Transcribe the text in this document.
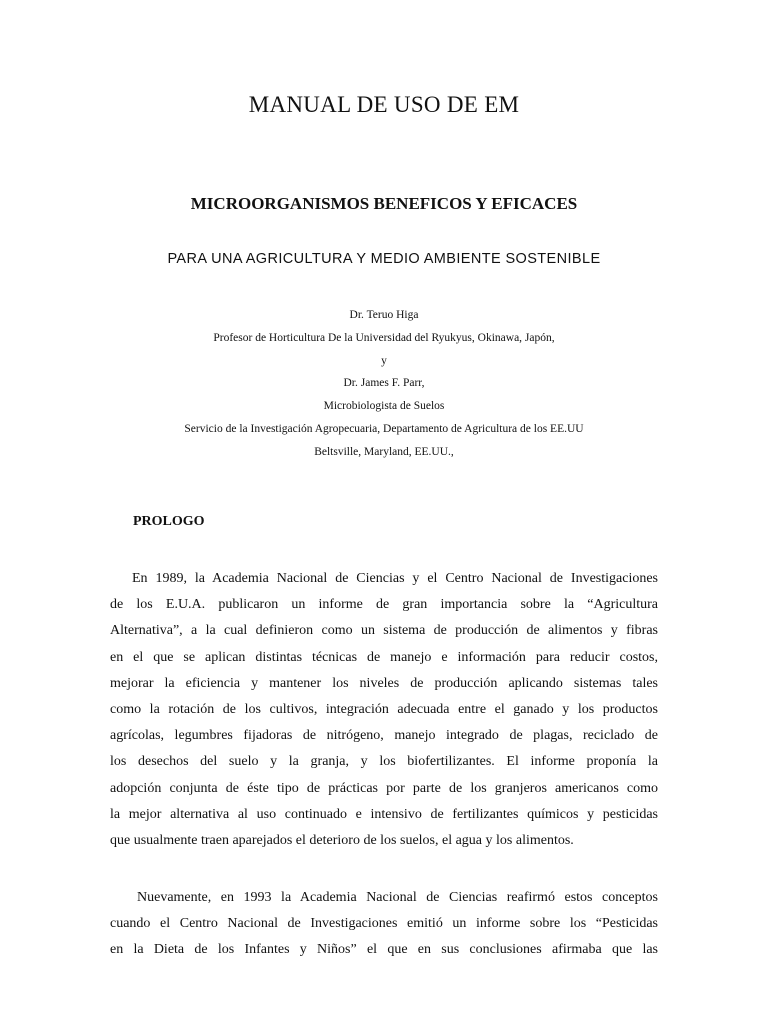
MANUAL DE USO DE EM
MICROORGANISMOS BENEFICOS Y EFICACES

PARA UNA AGRICULTURA Y MEDIO AMBIENTE SOSTENIBLE

Dr. Teruo Higa
Profesor de Horticultura De la Universidad del Ryukyus, Okinawa, Japón,
y
Dr. James F. Parr,
Microbiologista de Suelos
Servicio de la Investigación Agropecuaria, Departamento de Agricultura de los EE.UU
Beltsville, Maryland, EE.UU.,
PROLOGO
En 1989, la Academia Nacional de Ciencias y el Centro Nacional de Investigaciones
de los E.U.A. publicaron un informe de gran importancia sobre la “Agricultura
Alternativa”, a la cual definieron como un sistema de producción de alimentos y fibras
en el que se aplican distintas técnicas de manejo e información para reducir costos,
mejorar la eficiencia y mantener los niveles de producción aplicando sistemas tales
como la rotación de los cultivos, integración adecuada entre el ganado y los productos
agrícolas, legumbres fijadoras de nitrógeno, manejo integrado de plagas, reciclado de
los desechos del suelo y la granja, y los biofertilizantes. El informe proponía la
adopción conjunta de éste tipo de prácticas por parte de los granjeros americanos como
la mejor alternativa al uso continuado e intensivo de fertilizantes químicos y pesticidas
que usualmente traen aparejados el deterioro de los suelos, el agua y los alimentos.
Nuevamente, en 1993 la Academia Nacional de Ciencias reafirmó estos conceptos
cuando el Centro Nacional de Investigaciones emitió un informe sobre los “Pesticidas
en la Dieta de los Infantes y Niños” el que en sus conclusiones afirmaba que las
